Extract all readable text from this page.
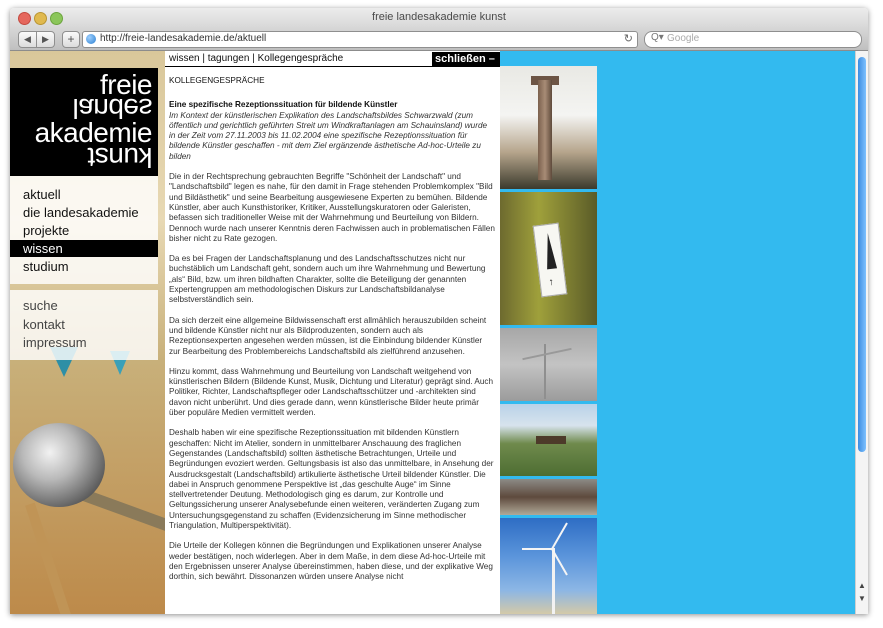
freie landesakademie kunst
◀	▶	+	http://freie-landesakademie.de/aktuell	↻ Q▾ Google
freie
landes
akademie
kunst
aktuell
die landesakademie
projekte
wissen
studium
suche
kontakt
impressum
wissen | tagungen | Kollegengespräche	schließen –

KOLLEGENGESPRÄCHE

Eine spezifische Rezeptionssituation für bildende Künstler

Im Kontext der künstlerischen Explikation des Landschaftsbildes Schwarzwald (zum öffentlich und gerichtlich geführten Streit um Windkraftanlagen am Schauinsland) wurde in der Zeit vom 27.11.2003 bis 11.02.2004 eine spezifische Rezeptionssituation für bildende Künstler geschaffen - mit dem Ziel ergänzende ästhetische Ad-hoc-Urteile zu bilden

Die in der Rechtsprechung gebrauchten Begriffe "Schönheit der Landschaft" und "Landschaftsbild" legen es nahe, für den damit in Frage stehenden Problemkomplex "Bild und Bildästhetik" und seine Bearbeitung ausgewiesene Experten zu bemühen. Bildende Künstler, aber auch Kunsthistoriker, Kritiker, Ausstellungskuratoren oder Galeristen, befassen sich traditioneller Weise mit der Wahrnehmung und Beurteilung von Bildern. Dennoch wurde nach unserer Kenntnis deren Fachwissen auch in problematischen Fällen bisher nicht zu Rate gezogen.

Da es bei Fragen der Landschaftsplanung und des Landschaftsschutzes nicht nur buchstäblich um Landschaft geht, sondern auch um ihre Wahrnehmung und Bewertung „als“ Bild, bzw. um ihren bildhaften Charakter, sollte die Beteiligung der genannten Expertengruppen am methodologischen Diskurs zur Landschaftsbildanalyse selbstverständlich sein.

Da sich derzeit eine allgemeine Bildwissenschaft erst allmählich herauszubilden scheint und bildende Künstler nicht nur als Bildproduzenten, sondern auch als Rezeptionsexperten angesehen werden müssen, ist die Einbindung bildender Künstler zur Bearbeitung des Problembereichs Landschaftsbild als zielführend anzusehen.

Hinzu kommt, dass Wahrnehmung und Beurteilung von Landschaft weitgehend von künstlerischen Bildern (Bildende Kunst, Musik, Dichtung und Literatur) geprägt sind. Auch Politiker, Richter, Landschaftspfleger oder Landschaftsschützer und -architekten sind davon nicht unberührt. Und dies gerade dann, wenn künstlerische Bilder heute primär über populäre Medien vermittelt werden.

Deshalb haben wir eine spezifische Rezeptionssituation mit bildenden Künstlern geschaffen: Nicht im Atelier, sondern in unmittelbarer Anschauung des fraglichen Gegenstandes (Landschaftsbild) sollten ästhetische Betrachtungen, Urteile und Begründungen evoziert werden. Geltungsbasis ist also das unmittelbare, in Ansehung der Ausdrucksgestalt (Landschaftsbild) artikulierte ästhetische Urteil bildender Künstler. Die dabei in Anspruch genommene Perspektive ist „das geschulte Auge“ im Sinne stellvertretender Deutung. Methodologisch ging es darum, zur Kontrolle und Geltungssicherung unserer Analysebefunde einen weiteren, veränderten Zugang zum Untersuchungsgegenstand zu schaffen (Evidenzsicherung im Sinne methodischer Triangulation, Multiperspektivität).

Die Urteile der Kollegen können die Begründungen und Explikationen unserer Analyse weder bestätigen, noch widerlegen. Aber in dem Maße, in dem diese Ad-hoc-Urteile mit den Ergebnissen unserer Analyse übereinstimmen, haben diese, und der explikative Weg dorthin, sich bewährt. Dissonanzen würden unsere Analyse nicht

↑
▲
▼
